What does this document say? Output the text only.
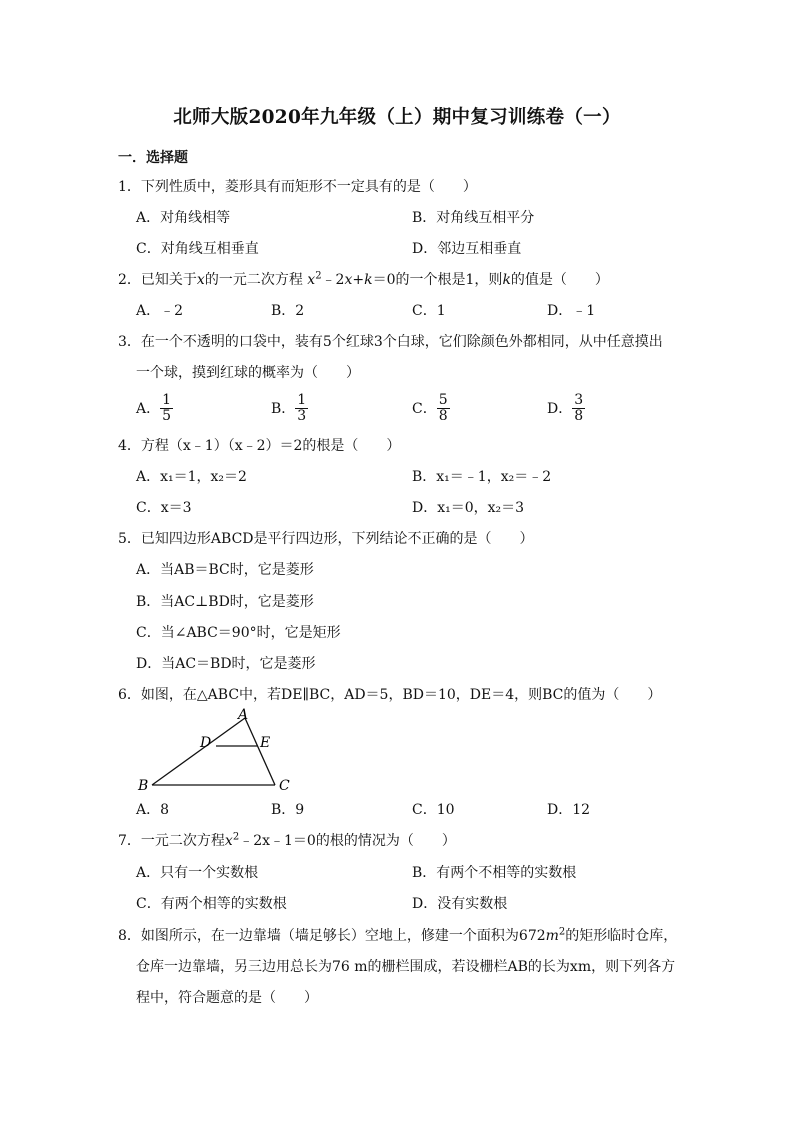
北师大版2020年九年级（上）期中复习训练卷（一）
一．选择题
1．下列性质中，菱形具有而矩形不一定具有的是（　　）
A．对角线相等	B．对角线互相平分
C．对角线互相垂直	D．邻边互相垂直
2．已知关于x的一元二次方程 $x^2﹣2x+k=0$的一个根是1，则k的值是（　　）
A．﹣2	B．2	C．1	D．﹣1
3．在一个不透明的口袋中，装有5个红球3个白球，它们除颜色外都相同，从中任意摸出
一个球，摸到红球的概率为（　　）
A． $\frac{1}{5}$	B． $\frac{1}{3}$	C． $\frac{5}{8}$	D． $\frac{3}{8}$
4．方程（x﹣1）（x﹣2）＝2的根是（　　）
A．x₁＝1，x₂＝2	B．x₁＝﹣1，x₂＝﹣2
C．x＝3	D．x₁＝0，x₂＝3
5．已知四边形ABCD是平行四边形，下列结论不正确的是（　　）
A．当AB＝BC时，它是菱形
B．当AC⊥BD时，它是菱形
C．当∠ABC＝90°时，它是矩形
D．当AC＝BD时，它是菱形
6．如图，在△ABC中，若DE∥BC，AD＝5，BD＝10，DE＝4，则BC的值为（　　）
A
D	E
B	C
A．8	B．9	C．10	D．12
7．一元二次方程$x^2﹣2x﹣1=0$的根的情况为（　　）
A．只有一个实数根	B．有两个不相等的实数根
C．有两个相等的实数根	D．没有实数根
8．如图所示，在一边靠墙（墙足够长）空地上，修建一个面积为$672m^2$的矩形临时仓库，
仓库一边靠墙，另三边用总长为76 m的栅栏围成，若设栅栏AB的长为xm，则下列各方
程中，符合题意的是（　　）
